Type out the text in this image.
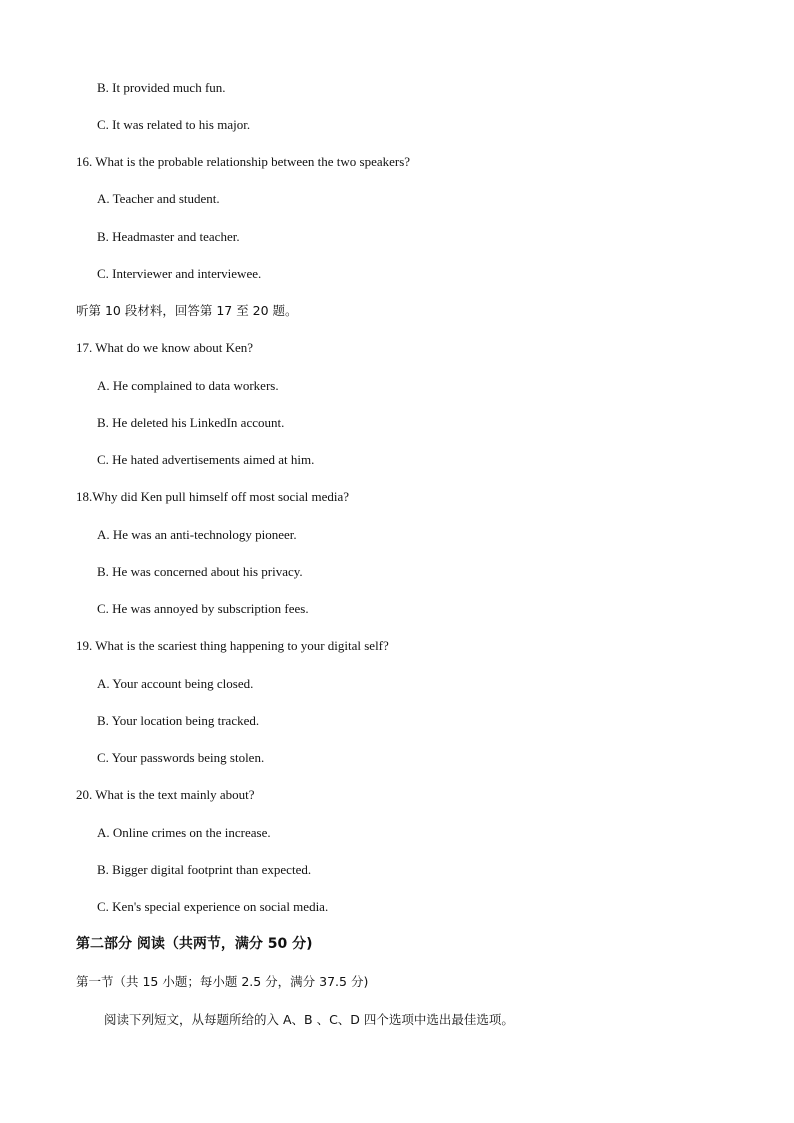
B. It provided much fun.
C. It was related to his major.
16. What is the probable relationship between the two speakers?
A. Teacher and student.
B. Headmaster and teacher.
C. Interviewer and interviewee.
听第 10 段材料，回答第 17 至 20 题。
17. What do we know about Ken?
A. He complained to data workers.
B. He deleted his LinkedIn account.
C. He hated advertisements aimed at him.
18.Why did Ken pull himself off most social media?
A. He was an anti-technology pioneer.
B. He was concerned about his privacy.
C. He was annoyed by subscription fees.
19. What is the scariest thing happening to your digital self?
A. Your account being closed.
B. Your location being tracked.
C. Your passwords being stolen.
20. What is the text mainly about?
A. Online crimes on the increase.
B. Bigger digital footprint than expected.
C. Ken's special experience on social media.
第二部分 阅读（共两节，满分 50 分)
第一节（共 15 小题；每小题 2.5 分，满分 37.5 分)
阅读下列短文，从每题所给的入 A、B 、C、D 四个选项中选出最佳选项。
